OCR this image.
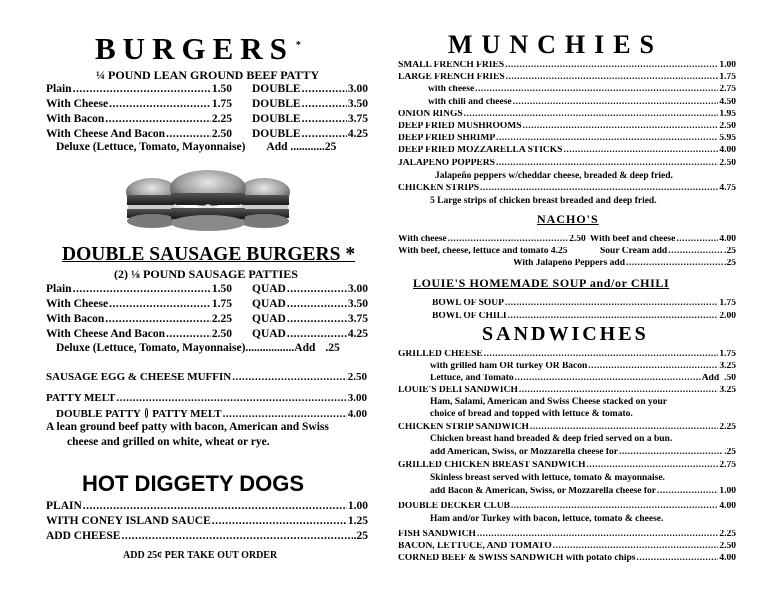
BURGERS *
¼ POUND LEAN GROUND BEEF PATTY
Plain .....	1.50 DOUBLE .....	3.00
With Cheese .....	1.75 DOUBLE .....	3.50
With Bacon .....	2.25 DOUBLE .....	3.75
With Cheese And Bacon .....	2.50 DOUBLE .....	4.25
Deluxe (Lettuce, Tomato, Mayonnaise) Add ............25
DOUBLE SAUSAGE BURGERS *
(2) ⅛ POUND SAUSAGE PATTIES
Plain .....	1.50 QUAD .....	3.00
With Cheese .....	1.75 QUAD .....	3.50
With Bacon .....	2.25 QUAD .....	3.75
With Cheese And Bacon .....	2.50 QUAD .....	4.25
Deluxe (Lettuce, Tomato, Mayonnaise).................Add .25
SAUSAGE EGG & CHEESE MUFFIN .....	2.50
PATTY MELT .....	3.00
DOUBLE PATTY PATTY MELT .....	4.00
A lean ground beef patty with bacon, American and Swiss
cheese and grilled on white, wheat or rye.
HOT DIGGETY DOGS
PLAIN .....	1.00
WITH CONEY ISLAND SAUCE .....	1.25
ADD CHEESE .....	.25
ADD 25¢ PER TAKE OUT ORDER
MUNCHIES
SMALL FRENCH FRIES .....	1.00
LARGE FRENCH FRIES .....	1.75
with cheese .....	2.75
with chili and cheese .....	4.50
ONION RINGS .....	1.95
DEEP FRIED MUSHROOMS .....	2.50
DEEP FRIED SHRIMP .....	5.95
DEEP FRIED MOZZARELLA STICKS .....	4.00
JALAPEÑO POPPERS .....	2.50
Jalapeño peppers w/cheddar cheese, breaded & deep fried.
CHICKEN STRIPS .....	4.75
5 Large strips of chicken breast breaded and deep fried.
NACHO'S
With cheese .....	2.50 With beef and cheese .....	4.00
With beef, cheese, lettuce and tomato 4.25	Sour Cream add .....	.25
With Jalapeño Peppers add .....	.25
LOUIE'S HOMEMADE SOUP and/or CHILI
BOWL OF SOUP .....	1.75
BOWL OF CHILI .....	2.00
SANDWICHES
GRILLED CHEESE .....	1.75
with grilled ham OR turkey OR Bacon .....	3.25
Lettuce, and Tomato .....	Add .50
LOUIE'S DELI SANDWICH .....	3.25
Ham, Salami, American and Swiss Cheese stacked on your
choice of bread and topped with lettuce & tomato.
CHICKEN STRIP SANDWICH .....	2.25
Chicken breast hand breaded & deep fried served on a bun.
add American, Swiss, or Mozzarella cheese for .....	.25
GRILLED CHICKEN BREAST SANDWICH .....	2.75
Skinless breast served with lettuce, tomato & mayonnaise.
add Bacon & American, Swiss, or Mozzarella cheese for .....	1.00
DOUBLE DECKER CLUB .....	4.00
Ham and/or Turkey with bacon, lettuce, tomato & cheese.
FISH SANDWICH .....	2.25
BACON, LETTUCE, AND TOMATO .....	2.50
CORNED BEEF & SWISS SANDWICH with potato chips .....	4.00
